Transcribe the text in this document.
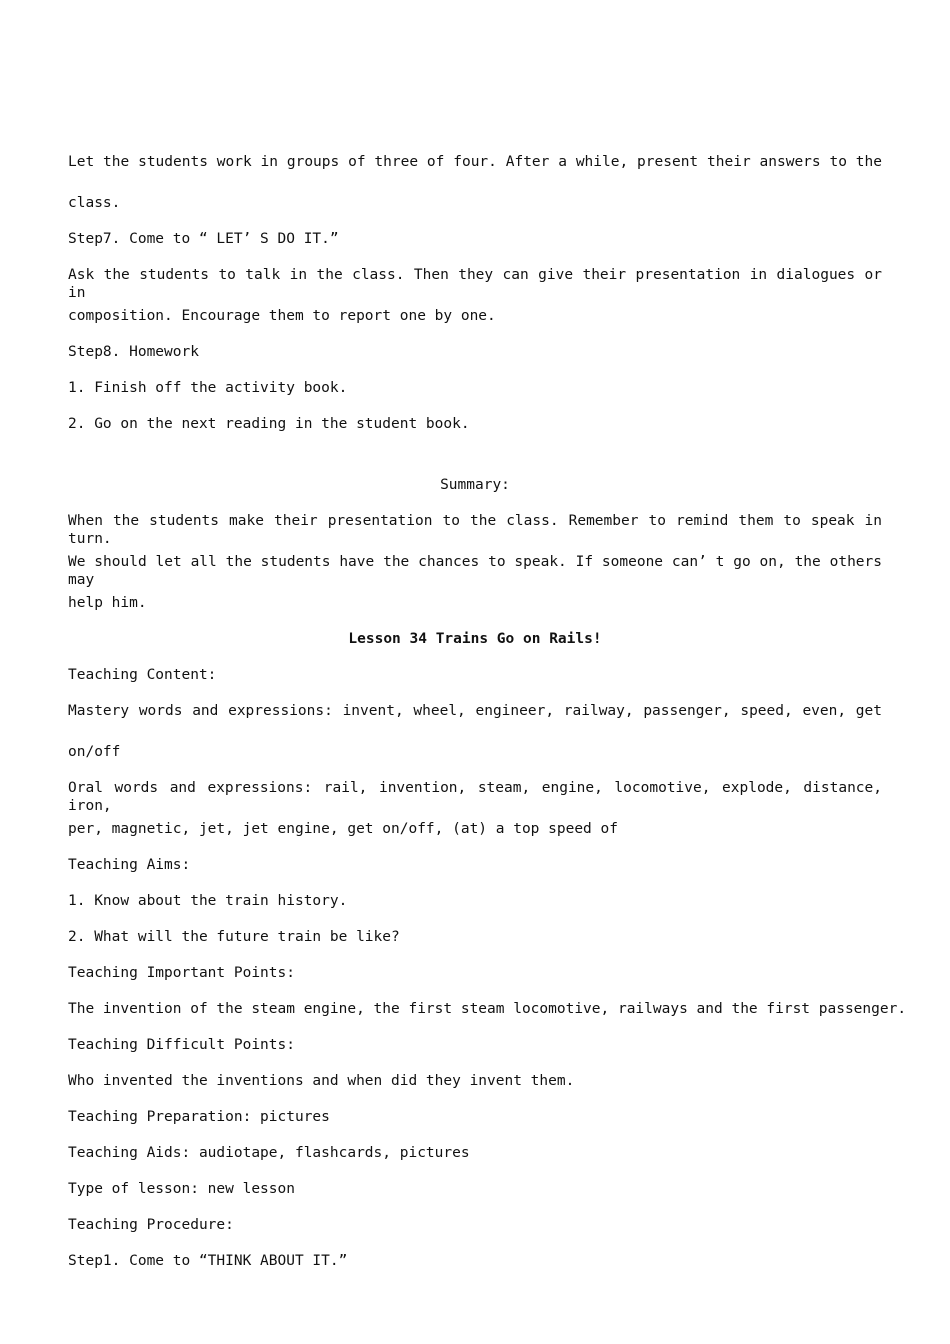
Let the students work in groups of three of four. After a while, present their answers to the
class.
Step7. Come to “ LET’ S DO IT.”
Ask the students to talk in the class. Then they can give their presentation in dialogues or in
composition. Encourage them to report one by one.
Step8. Homework
1. Finish off the activity book.
2. Go on the next reading in the student book.
Summary:
When the students make their presentation to the class. Remember to remind them to speak in turn.
We should let all the students have the chances to speak. If someone can’ t go on, the others may
help him.
Lesson 34 Trains Go on Rails!
Teaching Content:
Mastery words and expressions: invent, wheel, engineer, railway, passenger, speed, even, get
on/off
Oral words and expressions: rail, invention, steam, engine, locomotive, explode, distance, iron,
per, magnetic, jet, jet engine, get on/off, (at) a top speed of
Teaching Aims:
1. Know about the train history.
2. What will the future train be like?
Teaching Important Points:
The invention of the steam engine, the first steam locomotive, railways and the first passenger.
Teaching Difficult Points:
Who invented the inventions and when did they invent them.
Teaching Preparation: pictures
Teaching Aids: audiotape, flashcards, pictures
Type of lesson: new lesson
Teaching Procedure:
Step1. Come to “THINK ABOUT IT.”
